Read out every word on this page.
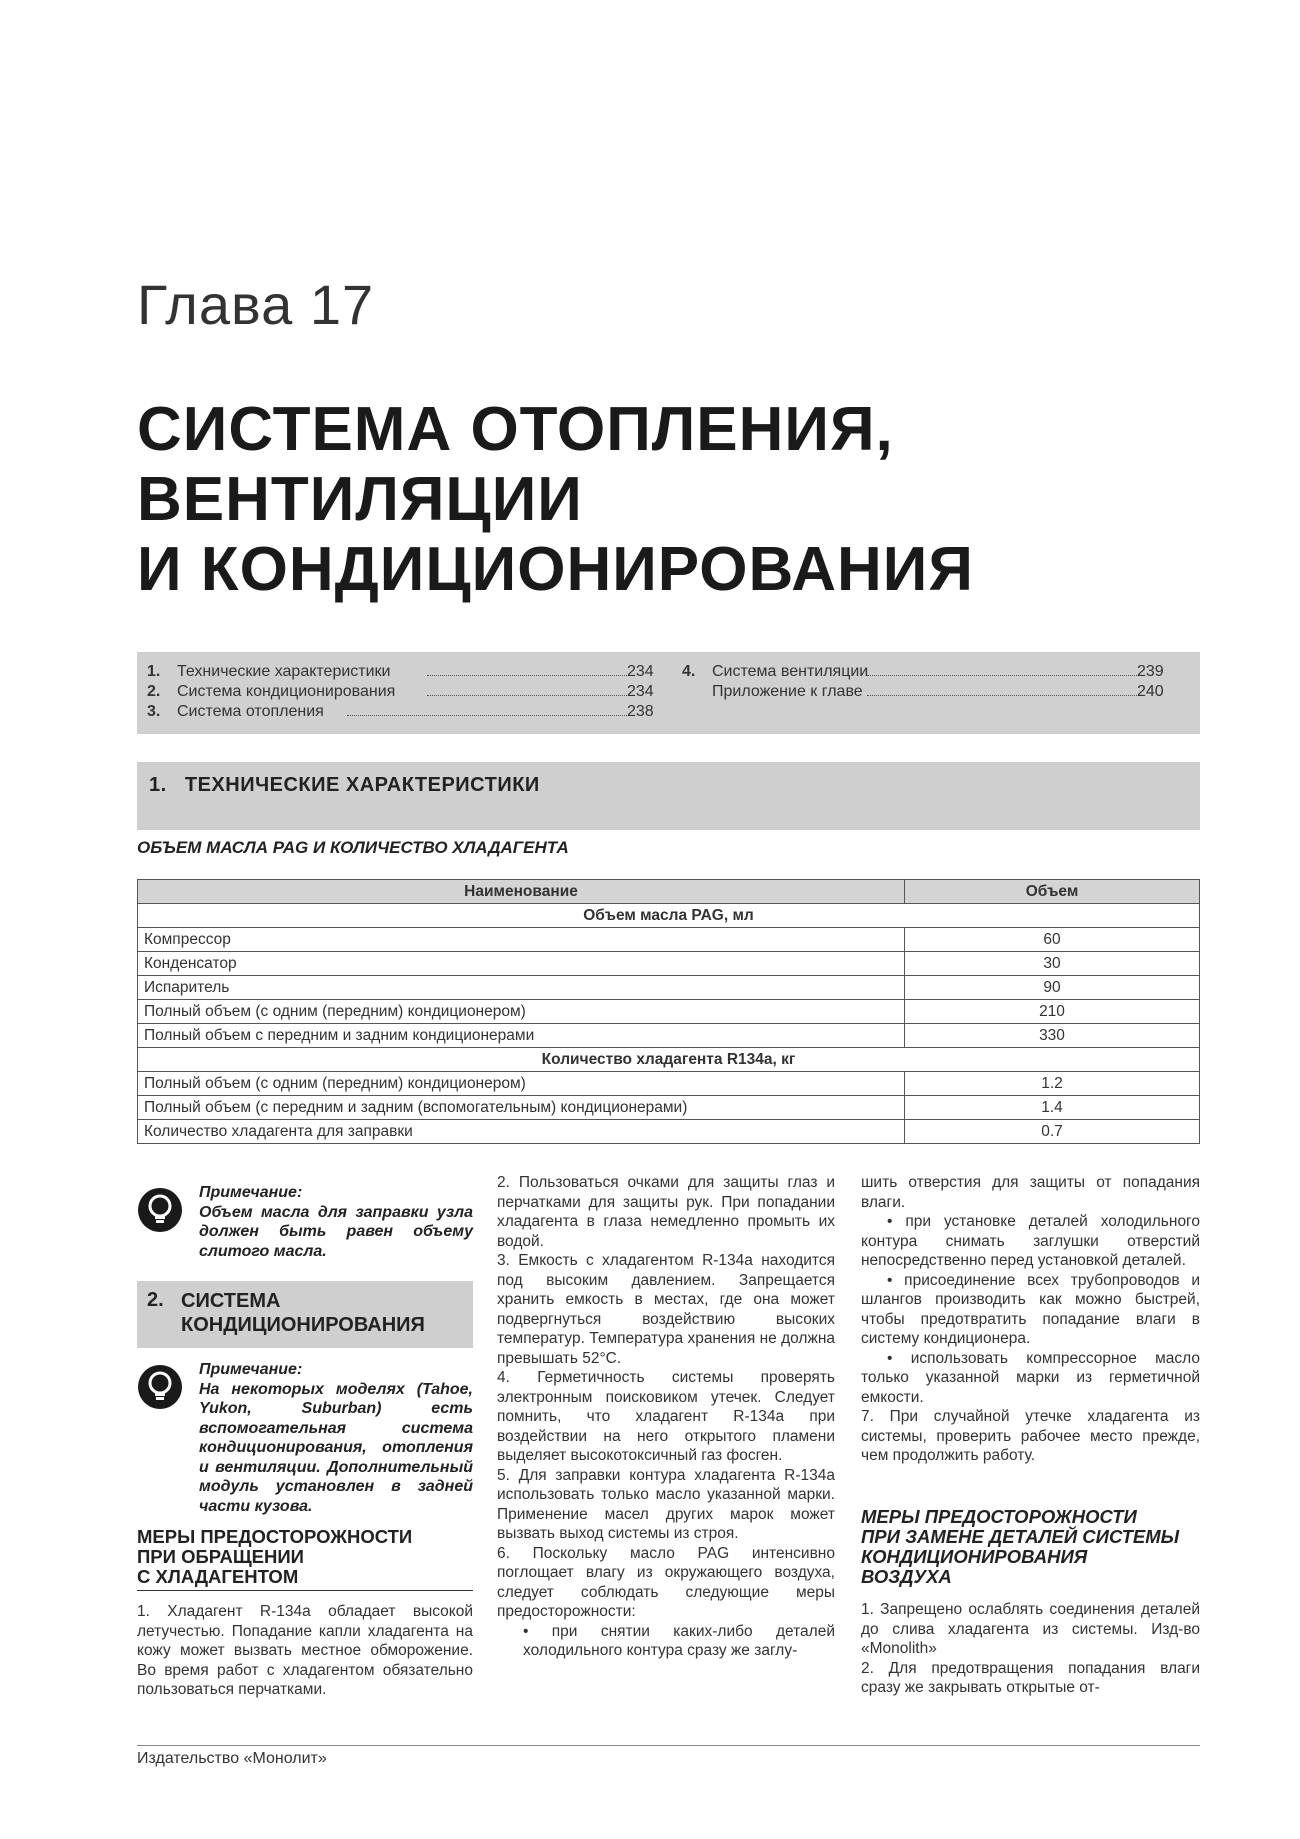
Глава 17
СИСТЕМА ОТОПЛЕНИЯ,
ВЕНТИЛЯЦИИ
И КОНДИЦИОНИРОВАНИЯ
1. Технические характеристики	234
2. Система кондиционирования	234
3. Система отопления	238
4. Система вентиляции	239
Приложение к главе	240
1.   ТЕХНИЧЕСКИЕ ХАРАКТЕРИСТИКИ
ОБЪЕМ МАСЛА PAG И КОЛИЧЕСТВО ХЛАДАГЕНТА
Наименование	Объем
Объем масла PAG, мл	
Компрессор	60
Конденсатор	30
Испаритель	90
Полный объем (с одним (передним) кондиционером)	210
Полный объем с передним и задним кондиционерами	330
Количество хладагента R134a, кг	
Полный объем (с одним (передним) кондиционером)	1.2
Полный объем (с передним и задним (вспомогательным) кондиционерами)	1.4
Количество хладагента для заправки	0.7
Примечание:
Объем масла для заправки узла должен быть равен объему слитого масла.
2. СИСТЕМА
КОНДИЦИОНИРОВАНИЯ
Примечание:
На некоторых моделях (Tahoe, Yukon, Suburban) есть вспомогательная система кондиционирования, отопления и вентиляции. Дополнительный модуль установлен в задней части кузова.
МЕРЫ ПРЕДОСТОРОЖНОСТИ
ПРИ ОБРАЩЕНИИ
С ХЛАДАГЕНТОМ

1. Хладагент R-134a обладает высокой летучестью. Попадание капли хладагента на кожу может вызвать местное обморожение. Во время работ с хладагентом обязательно пользоваться перчатками.

2. Пользоваться очками для защиты глаз и перчатками для защиты рук. При попадании хладагента в глаза немедленно промыть их водой.

3. Емкость с хладагентом R-134a находится под высоким давлением. Запрещается хранить емкость в местах, где она может подвергнуться воздействию высоких температур. Температура хранения не должна превышать 52°С.

4. Герметичность системы проверять электронным поисковиком утечек. Следует помнить, что хладагент R-134a при воздействии на него открытого пламени выделяет высокотоксичный газ фосген.

5. Для заправки контура хладагента R-134a использовать только масло указанной марки. Применение масел других марок может вызвать выход системы из строя.

6. Поскольку масло PAG интенсивно поглощает влагу из окружающего воздуха, следует соблюдать следующие меры предосторожности:

• при снятии каких-либо деталей холодильного контура сразу же заглу-

шить отверстия для защиты от попадания влаги.

• при установке деталей холодильного контура снимать заглушки отверстий непосредственно перед установкой деталей.

• присоединение всех трубопроводов и шлангов производить как можно быстрей, чтобы предотвратить попадание влаги в систему кондиционера.

• использовать компрессорное масло только указанной марки из герметичной емкости.

7. При случайной утечке хладагента из системы, проверить рабочее место прежде, чем продолжить работу.

МЕРЫ ПРЕДОСТОРОЖНОСТИ
ПРИ ЗАМЕНЕ ДЕТАЛЕЙ СИСТЕМЫ
КОНДИЦИОНИРОВАНИЯ
ВОЗДУХА

1. Запрещено ослаблять соединения деталей до слива хладагента из системы. Изд-во «Monolith»

2. Для предотвращения попадания влаги сразу же закрывать открытые от-

Издательство «Монолит»
